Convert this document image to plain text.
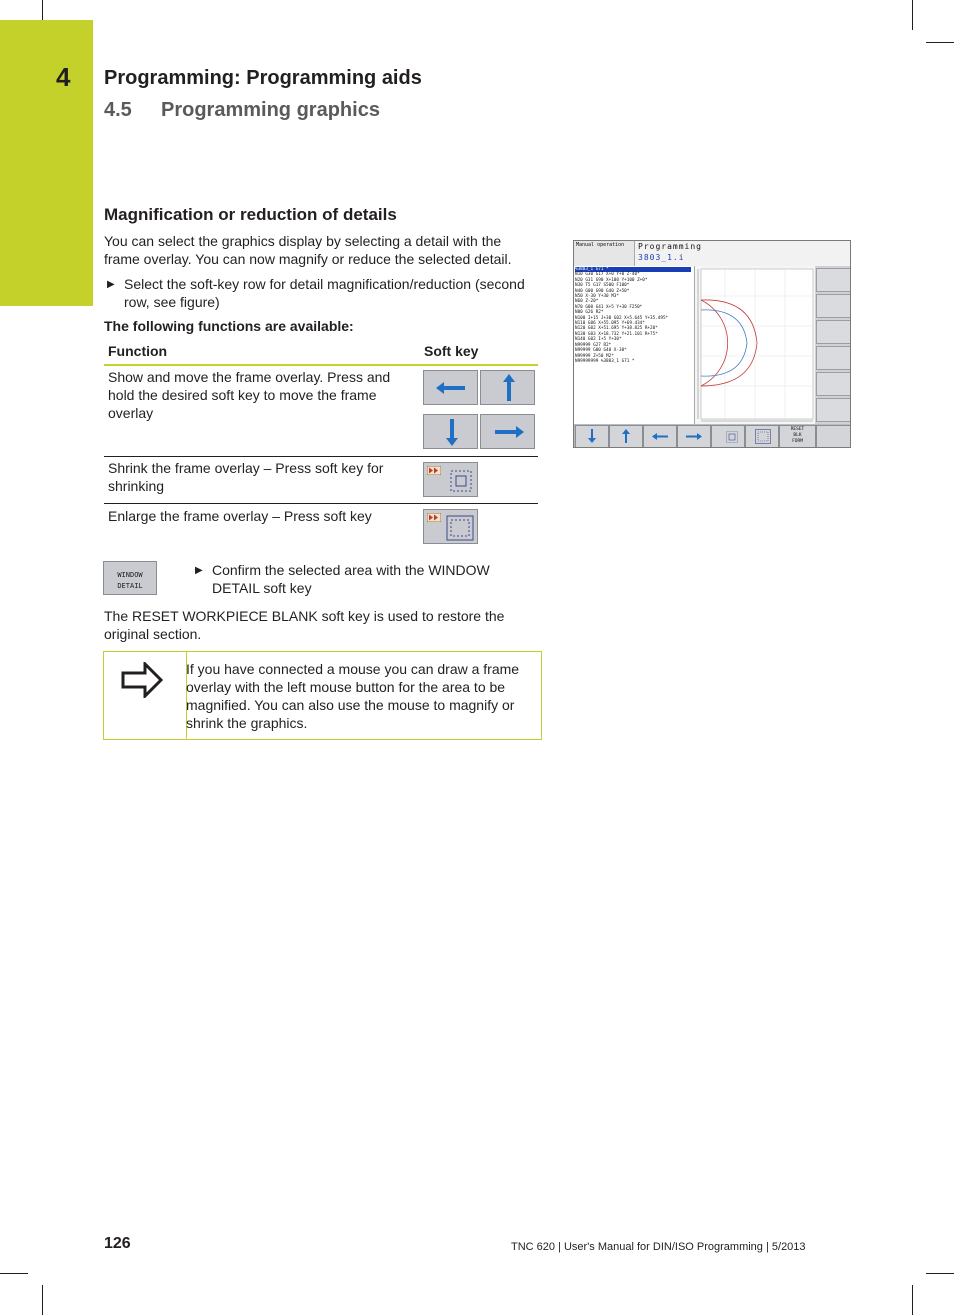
4 Programming: Programming aids
4.5 Programming graphics
Magnification or reduction of details
You can select the graphics display by selecting a detail with the frame overlay. You can now magnify or reduce the selected detail.
▶ Select the soft-key row for detail magnification/reduction (second row, see figure)
The following functions are available:
Function	Soft key
Show and move the frame overlay. Press and hold the desired soft key to move the frame overlay
Shrink the frame overlay – Press soft key for shrinking
Enlarge the frame overlay – Press soft key
WINDOW
DETAIL
▶ Confirm the selected area with the WINDOW DETAIL soft key
The RESET WORKPIECE BLANK soft key is used to restore the original section.
If you have connected a mouse you can draw a frame overlay with the left mouse button for the area to be magnified. You can also use the mouse to magnify or shrink the graphics.
Manual operation Programming
3803_1.i
%3803_1 G71 *
N10 G30 G17 X+0 Y+0 Z-40*
N20 G31 G90 X+100 Y+100 Z+0*
N30 T5 G17 S500 F100*
N40 G00 G90 G40 Z+50*
N50 X-30 Y+30 M3*
N60 Z-20*
N70 G00 G41 X+5 Y+30 F250*
N80 G26 R2*
N100 I+15 J+30 G02 X+5.645 Y+35.495*
N110 G06 X+55.095 Y+69.434*
N120 G02 X+51.695 Y+38.825 R+20*
N130 G03 X+18.732 Y+21.101 R+75*
N140 G02 I+5 Y+30*
N99999 G27 R2*
N99999 G00 G40 X-30*
N99999 Z+50 M2*
N99999999 %3803_1 G71 *
RESET
BLK
FORM
126	TNC 620 | User's Manual for DIN/ISO Programming | 5/2013
